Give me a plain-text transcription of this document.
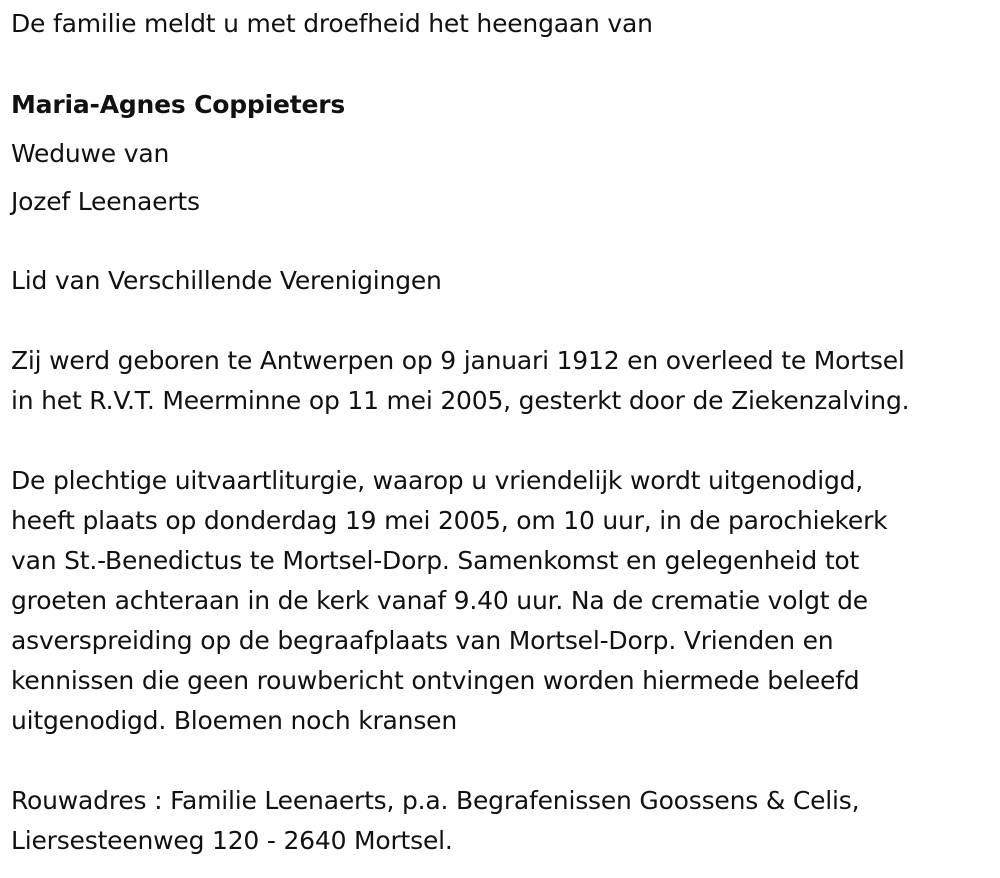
De familie meldt u met droefheid het heengaan van
Maria-Agnes Coppieters
Weduwe van
Jozef Leenaerts
Lid van Verschillende Verenigingen
Zij werd geboren te Antwerpen op 9 januari 1912 en overleed te Mortsel
in het R.V.T. Meerminne op 11 mei 2005, gesterkt door de Ziekenzalving.
De plechtige uitvaartliturgie, waarop u vriendelijk wordt uitgenodigd,
heeft plaats op donderdag 19 mei 2005, om 10 uur, in de parochiekerk
van St.-Benedictus te Mortsel-Dorp. Samenkomst en gelegenheid tot
groeten achteraan in de kerk vanaf 9.40 uur. Na de crematie volgt de
asverspreiding op de begraafplaats van Mortsel-Dorp. Vrienden en
kennissen die geen rouwbericht ontvingen worden hiermede beleefd
uitgenodigd. Bloemen noch kransen
Rouwadres : Familie Leenaerts, p.a. Begrafenissen Goossens & Celis,
Liersesteenweg 120 - 2640 Mortsel.
